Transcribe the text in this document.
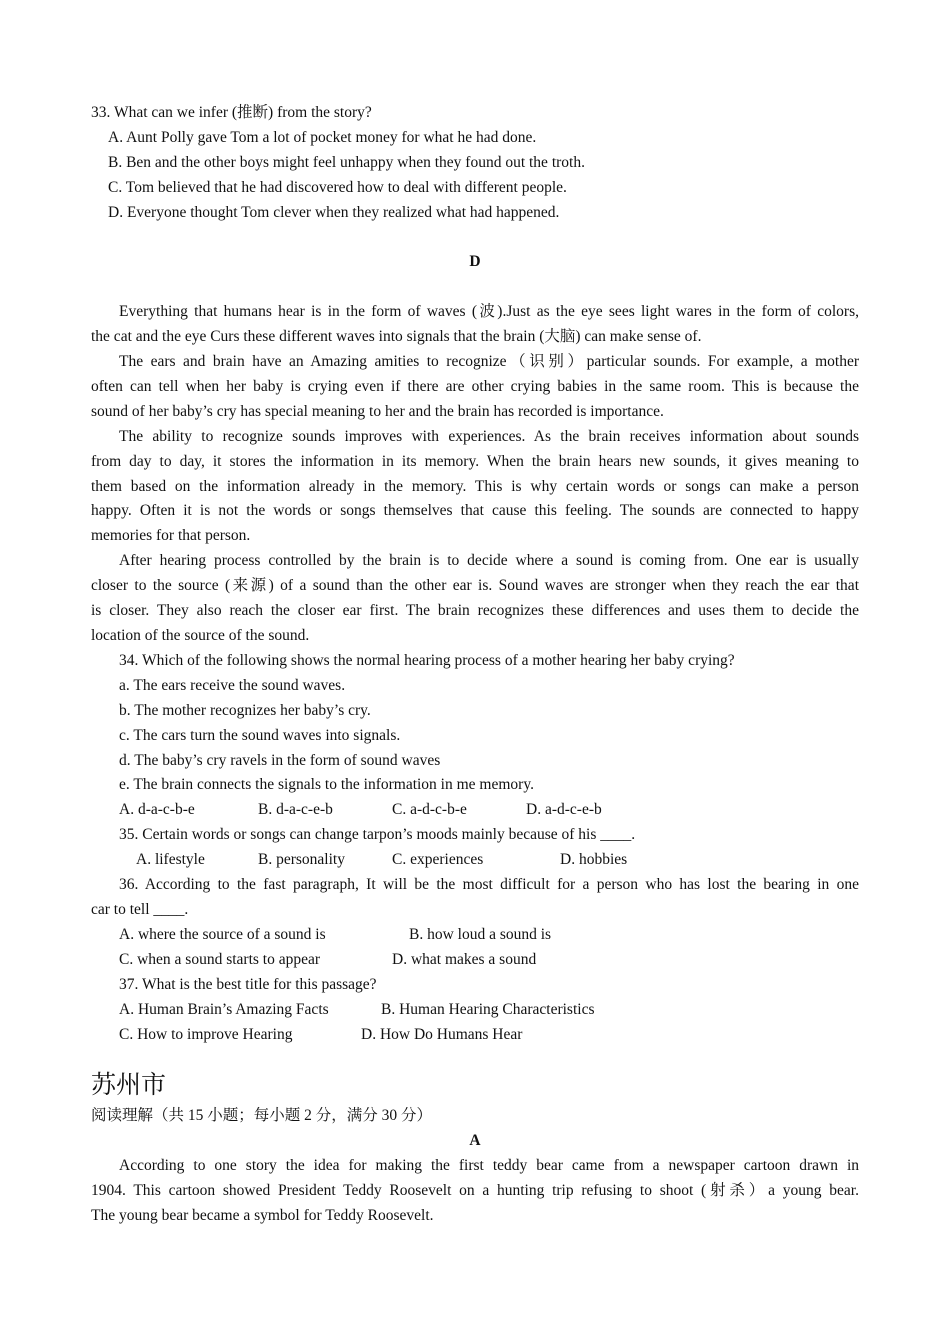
33. What can we infer (推断) from the story?
A. Aunt Polly gave Tom a lot of pocket money for what he had done.
B. Ben and the other boys might feel unhappy when they found out the troth.
C. Tom believed that he had discovered how to deal with different people.
D. Everyone thought Tom clever when they realized what had happened.
D
Everything that humans hear is in the form of waves (波).Just as the eye sees light wares in the form of colors,
the cat and the eye Curs these different waves into signals that the brain (大脑) can make sense of.
The ears and brain have an Amazing amities to recognize（识别）particular sounds. For example, a mother
often can tell when her baby is crying even if there are other crying babies in the same room. This is because the
sound of her baby’s cry has special meaning to her and the brain has recorded is importance.
The ability to recognize sounds improves with experiences. As the brain receives information about sounds
from day to day, it stores the information in its memory. When the brain hears new sounds, it gives meaning to
them based on the information already in the memory. This is why certain words or songs can make a person
happy. Often it is not the words or songs themselves that cause this feeling. The sounds are connected to happy
memories for that person.
After hearing process controlled by the brain is to decide where a sound is coming from. One ear is usually
closer to the source (来源) of a sound than the other ear is. Sound waves are stronger when they reach the ear that
is closer. They also reach the closer ear first. The brain recognizes these differences and uses them to decide the
location of the source of the sound.
34. Which of the following shows the normal hearing process of a mother hearing her baby crying?
a. The ears receive the sound waves.
b. The mother recognizes her baby’s cry.
c. The cars turn the sound waves into signals.
d. The baby’s cry ravels in the form of sound waves
e. The brain connects the signals to the information in me memory.
A. d-a-c-b-e	B. d-a-c-e-b	C. a-d-c-b-e	D. a-d-c-e-b
35. Certain words or songs can change tarpon’s moods mainly because of his ____.
A. lifestyle	B. personality	C. experiences	D. hobbies
36. According to the fast paragraph, It will be the most difficult for a person who has lost the bearing in one
car to tell ____.
A. where the source of a sound is	B. how loud a sound is
C. when a sound starts to appear	D. what makes a sound
37. What is the best title for this passage?
A. Human Brain’s Amazing Facts	B. Human Hearing Characteristics
C. How to improve Hearing	D. How Do Humans Hear
苏州市
阅读理解（共 15 小题；每小题 2 分，满分 30 分）
A
According to one story the idea for making the first teddy bear came from a newspaper cartoon drawn in
1904. This cartoon showed President Teddy Roosevelt on a hunting trip refusing to shoot (射杀）a young bear.
The young bear became a symbol for Teddy Roosevelt.
